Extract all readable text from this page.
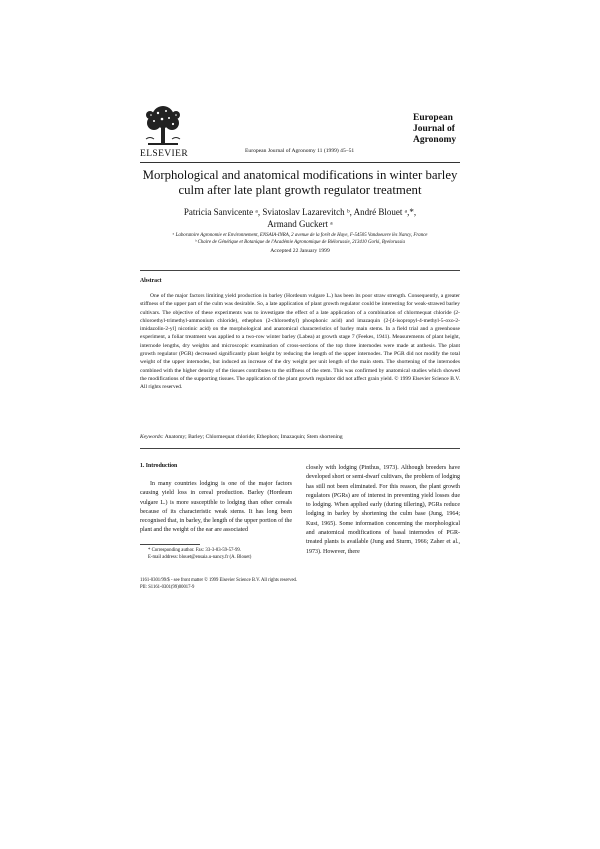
ELSEVIER	European Journal of Agronomy 11 (1999) 45–51
European
Journal of
Agronomy
Morphological and anatomical modifications in winter barley
culm after late plant growth regulator treatment
Patricia Sanvicente ᵃ, Sviatoslav Lazarevitch ᵇ, André Blouet ᵃ,*,
Armand Guckert ᵃ
ᵃ Laboratoire Agronomie et Environnement, ENSAIA-INRA, 2 avenue de la forêt de Haye, F-54505 Vandoeuvre lès Nancy, France
ᵇ Chaire de Génétique et Botanique de l'Académie Agronomique de Biélorussie, 213410 Gorki, Byelorussia
Accepted 22 January 1999
Abstract

One of the major factors limiting yield production in barley (Hordeum vulgare L.) has been its poor straw strength. Consequently, a greater stiffness of the upper part of the culm was desirable. So, a late application of plant growth regulator could be interesting for weak-strawed barley cultivars. The objective of these experiments was to investigate the effect of a late application of a combination of chlormequat chloride (2-chloroethyl-trimethyl-ammonium chloride), ethephon (2-chloroethyl) phosphonic acid) and imazaquin (2-[4-isopropyl-4-methyl-5-oxo-2-imidazolin-2-yl] nicotinic acid) on the morphological and anatomical characteristics of barley main stems. In a field trial and a greenhouse experiment, a foliar treatment was applied to a two-row winter barley (Labea) at growth stage 7 (Feekes, 1941). Measurements of plant height, internode lengths, dry weights and microscopic examination of cross-sections of the top three internodes were made at anthesis. The plant growth regulator (PGR) decreased significantly plant height by reducing the length of the upper internodes. The PGR did not modify the total weight of the upper internodes, but induced an increase of the dry weight per unit length of the main stem. The shortening of the internodes combined with the higher density of the tissues contributes to the stiffness of the stem. This was confirmed by anatomical studies which showed the modifications of the supporting tissues. The application of the plant growth regulator did not affect grain yield. © 1999 Elsevier Science B.V. All rights reserved.

Keywords: Anatomy; Barley; Chlormequat chloride; Ethephon; Imazaquin; Stem shortening
1. Introduction

In many countries lodging is one of the major factors causing yield loss in cereal production. Barley (Hordeum vulgare L.) is more susceptible to lodging than other cereals because of its characteristic weak stems. It has long been recognised that, in barley, the length of the upper portion of the plant and the weight of the ear are associated

closely with lodging (Pinthus, 1973). Although breeders have developed short or semi-dwarf cultivars, the problem of lodging has still not been eliminated. For this reason, the plant growth regulators (PGRs) are of interest in preventing yield losses due to lodging. When applied early (during tillering), PGRs reduce lodging in barley by shortening the culm base (Jung, 1964; Kust, 1965). Some information concerning the morphological and anatomical modifications of basal internodes of PGR-treated plants is available (Jung and Sturm, 1966; Zaher et al., 1973). However, there

* Corresponding author. Fax: 33-3-83-59-57-99.
E-mail address: blouet@ensaia.u-nancy.fr (A. Blouet)
1161-0301/99/$ - see front matter © 1999 Elsevier Science B.V. All rights reserved.
PII: S1161-0301(99)00017-9
